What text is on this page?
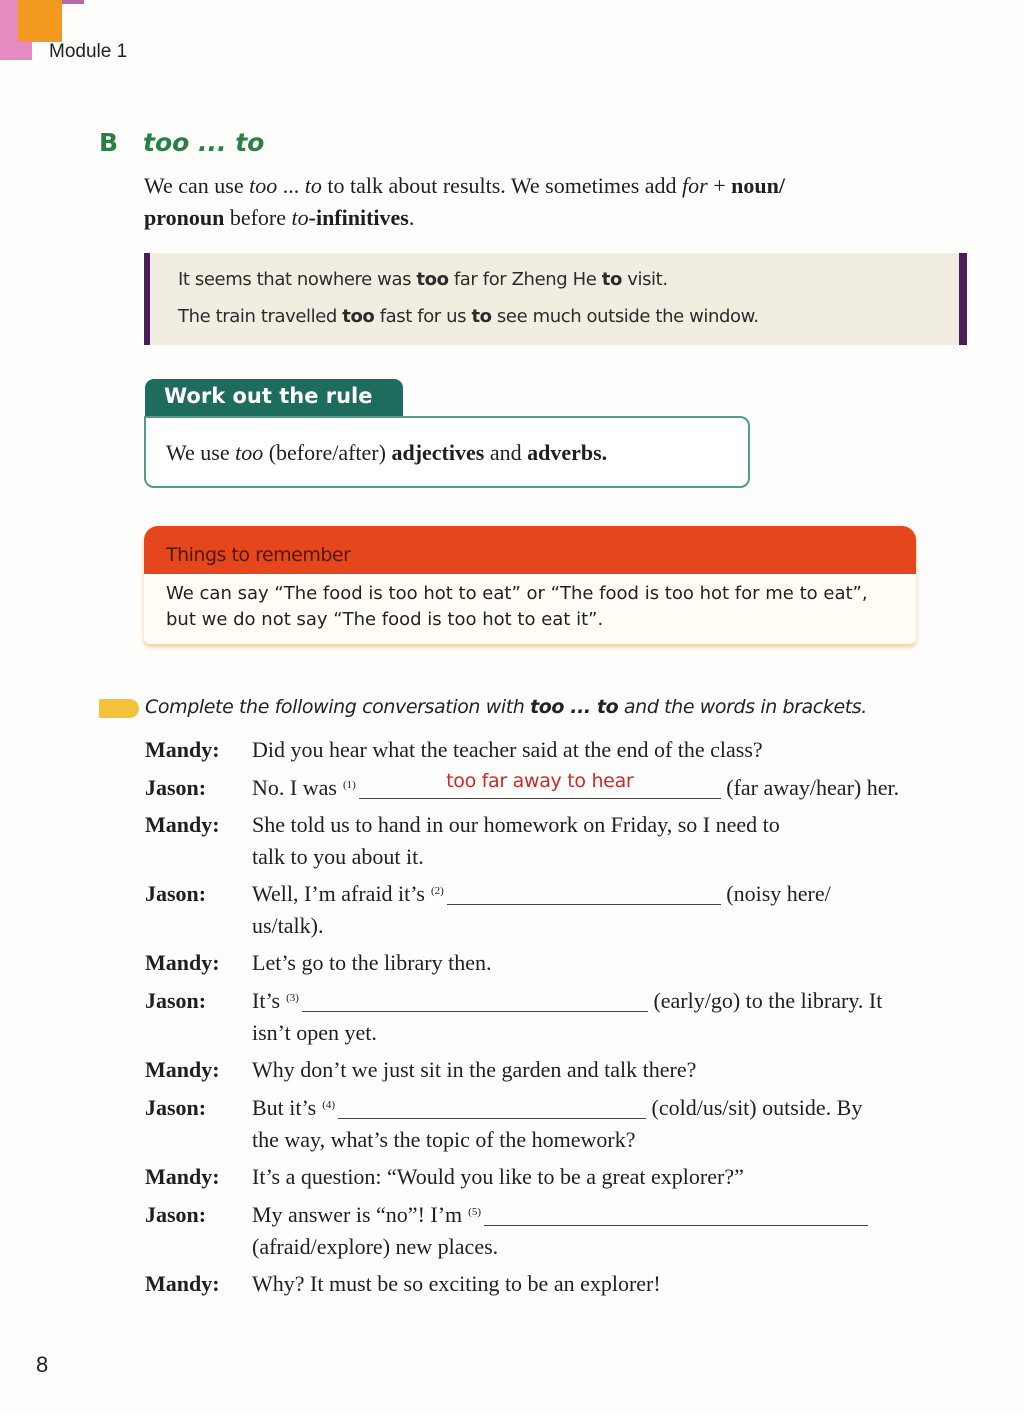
Module 1
B too ... to
We can use too ... to to talk about results. We sometimes add for + noun/
pronoun before to-infinitives.
It seems that nowhere was too far for Zheng He to visit.
The train travelled too fast for us to see much outside the window.
Work out the rule
We use too (before/after) adjectives and adverbs.
Things to remember
We can say “The food is too hot to eat” or “The food is too hot for me to eat”, but we do not say “The food is too hot to eat it”.
Complete the following conversation with too ... to and the words in brackets.
Mandy: Did you hear what the teacher said at the end of the class?
Jason: No. I was $^{(1)}$	too far away to hear	(far away/hear) her.
Mandy: She told us to hand in our homework on Friday, so I need to
talk to you about it.
Jason: Well, I’m afraid it’s $^{(2)}$	(noisy here/
us/talk).
Mandy: Let’s go to the library then.
Jason: It’s $^{(3)}$	(early/go) to the library. It
isn’t open yet.
Mandy: Why don’t we just sit in the garden and talk there?
Jason: But it’s $^{(4)}$	(cold/us/sit) outside. By
the way, what’s the topic of the homework?
Mandy: It’s a question: “Would you like to be a great explorer?”
Jason: My answer is “no”! I’m $^{(5)}$
(afraid/explore) new places.
Mandy: Why? It must be so exciting to be an explorer!
8
